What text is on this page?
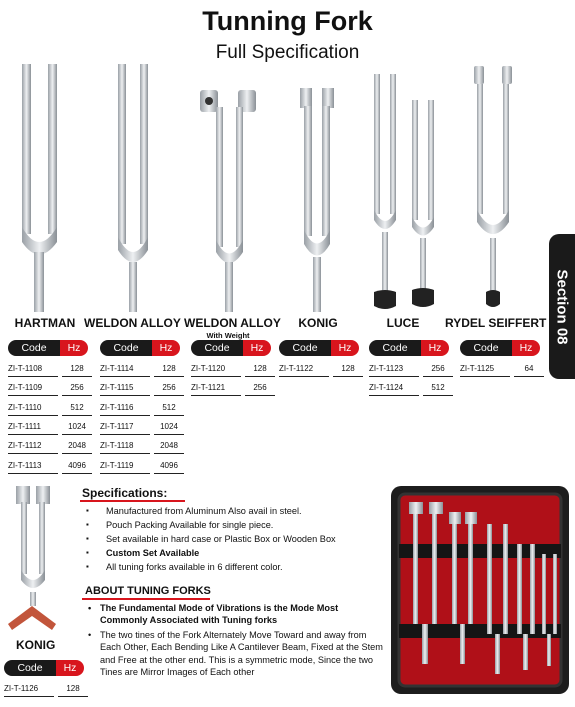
Tunning Fork
Full Specification
HARTMAN WELDON ALLOY WELDON ALLOY
With Weight
KONIG	LUCE	RYDEL SEIFFERT
Code	Hz
ZI-T-1108	128
ZI-T-1109	256
ZI-T-1110	512
ZI-T-1111	1024
ZI-T-1112	2048
ZI-T-1113	4096
Code	Hz
ZI-T-1114	128
ZI-T-1115	256
ZI-T-1116	512
ZI-T-1117	1024
ZI-T-1118	2048
ZI-T-1119	4096
Code	Hz
ZI-T-1120	128
ZI-T-1121	256
Code	Hz
ZI-T-1122	128
Code	Hz
ZI-T-1123	256
ZI-T-1124	512
Code	Hz
ZI-T-1125	64
Section 08
KONIG
Code	Hz
ZI-T-1126	128
Specifications:
▪ Manufactured from Aluminum Also avail in steel.
▪ Pouch Packing Available for single piece.
▪ Set available in hard case or Plastic Box or Wooden Box
▪ Custom Set Available
▪ All tuning forks available in 6 different color.
ABOUT TUNING FORKS
• The Fundamental Mode of Vibrations is the Mode Most Commonly Associated with Tuning forks
• The two tines of the Fork Alternately Move Toward and away from Each Other, Each Bending Like A Cantilever Beam, Fixed at the Stem and Free at the other end. This is a symmetric mode, Since the two Tines are Mirror Images of Each other
